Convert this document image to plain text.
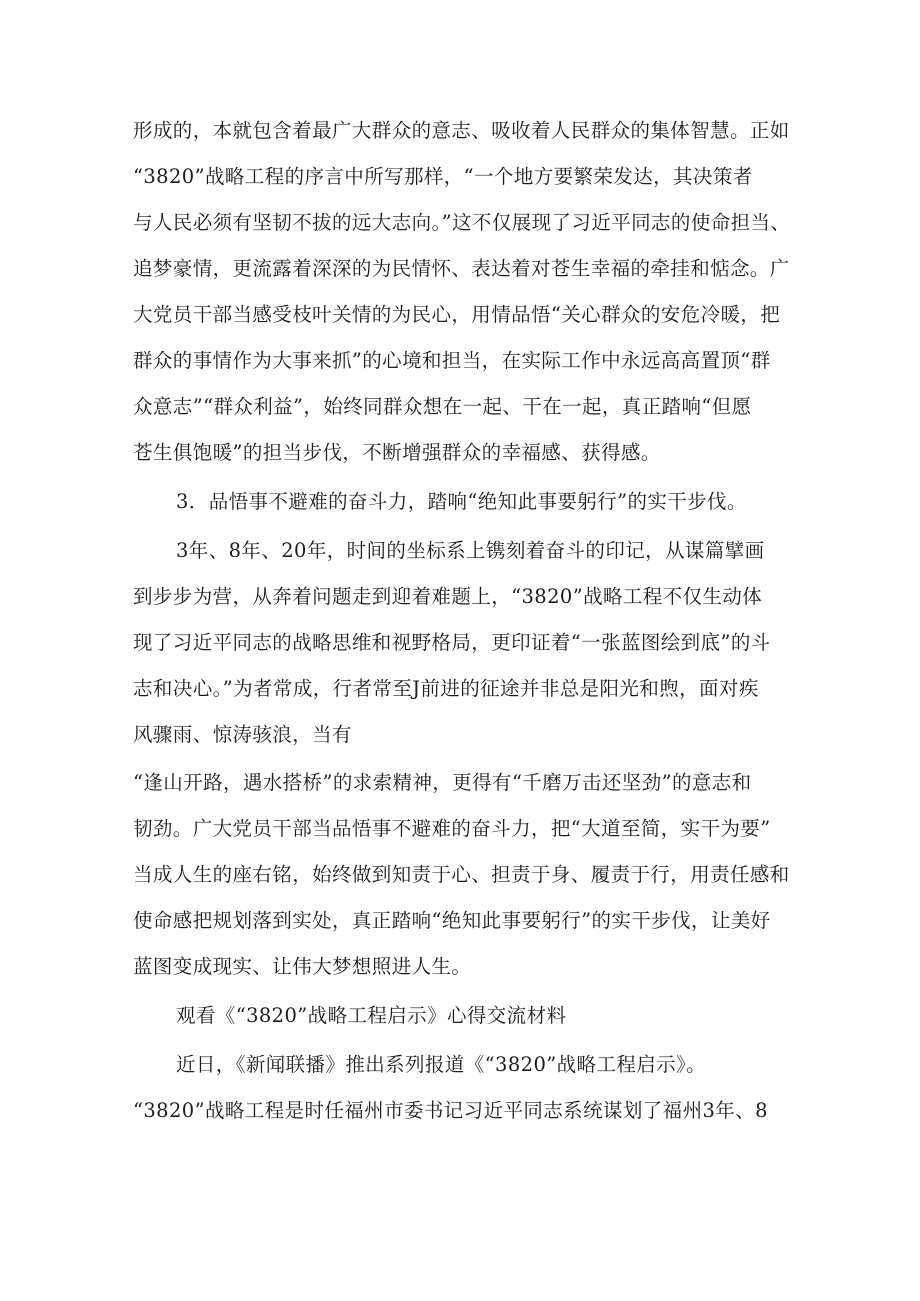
形成的，本就包含着最广大群众的意志、吸收着人民群众的集体智慧。正如

“3820”战略工程的序言中所写那样，“一个地方要繁荣发达，其决策者

与人民必须有坚韧不拔的远大志向。”这不仅展现了习近平同志的使命担当、

追梦豪情，更流露着深深的为民情怀、表达着对苍生幸福的牵挂和惦念。广

大党员干部当感受枝叶关情的为民心，用情品悟“关心群众的安危冷暖，把

群众的事情作为大事来抓”的心境和担当，在实际工作中永远高高置顶“群

众意志”“群众利益”，始终同群众想在一起、干在一起，真正踏响“但愿

苍生俱饱暖”的担当步伐，不断增强群众的幸福感、获得感。

3．品悟事不避难的奋斗力，踏响“绝知此事要躬行”的实干步伐。

3年、8年、20年，时间的坐标系上镌刻着奋斗的印记，从谋篇擘画

到步步为营，从奔着问题走到迎着难题上，“3820”战略工程不仅生动体

现了习近平同志的战略思维和视野格局，更印证着“一张蓝图绘到底”的斗

志和决心。”为者常成，行者常至J前进的征途并非总是阳光和煦，面对疾

风骤雨、惊涛骇浪，当有

“逢山开路，遇水搭桥”的求索精神，更得有“千磨万击还坚劲”的意志和

韧劲。广大党员干部当品悟事不避难的奋斗力，把“大道至简，实干为要”

当成人生的座右铭，始终做到知责于心、担责于身、履责于行，用责任感和

使命感把规划落到实处，真正踏响“绝知此事要躬行”的实干步伐，让美好

蓝图变成现实、让伟大梦想照进人生。

观看《“3820”战略工程启示》心得交流材料

近日，《新闻联播》推出系列报道《“3820”战略工程启示》。

“3820”战略工程是时任福州市委书记习近平同志系统谋划了福州3年、8
